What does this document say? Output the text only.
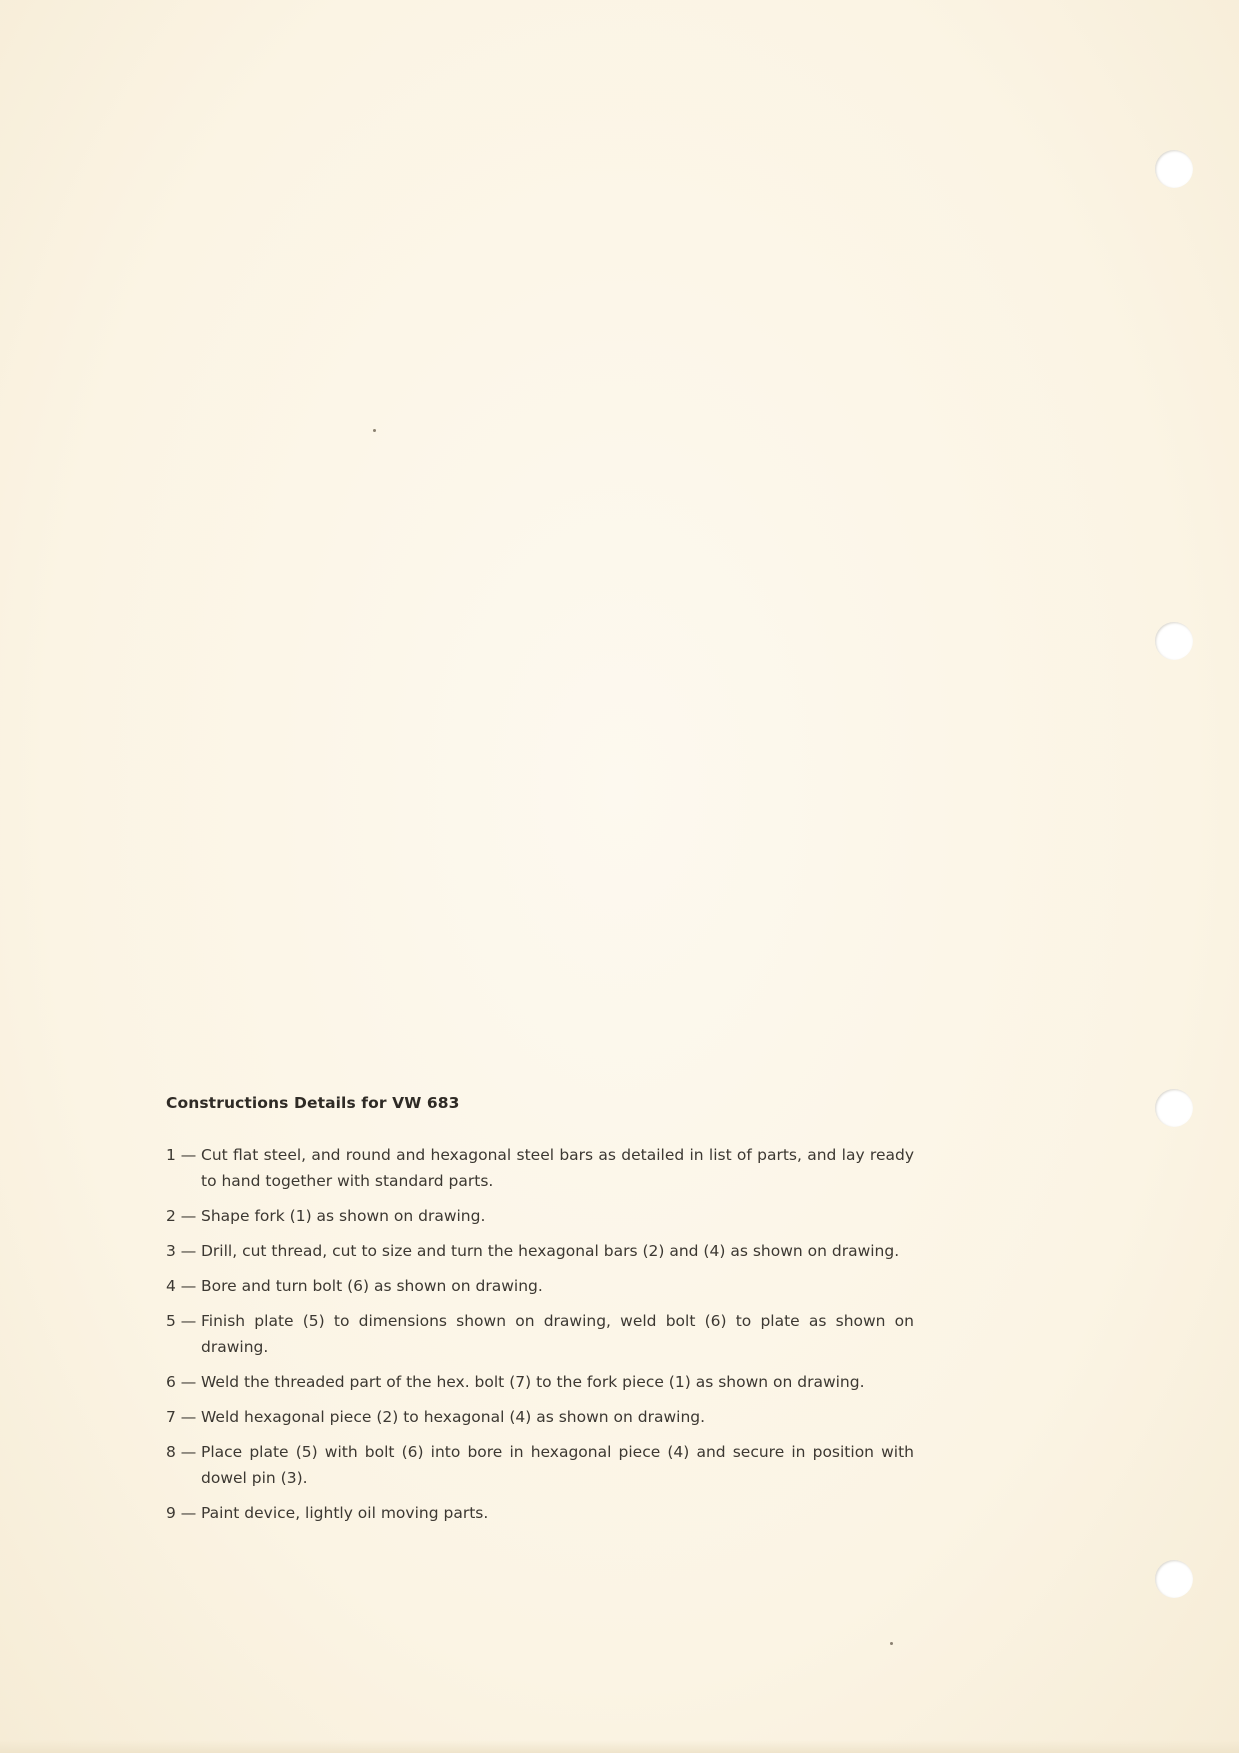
Constructions Details for VW 683
1 — Cut flat steel, and round and hexagonal steel bars as detailed in list of parts, and lay ready to hand together with standard parts.
2 — Shape fork (1) as shown on drawing.
3 — Drill, cut thread, cut to size and turn the hexagonal bars (2) and (4) as shown on drawing.
4 — Bore and turn bolt (6) as shown on drawing.
5 — Finish plate (5) to dimensions shown on drawing, weld bolt (6) to plate as shown on drawing.
6 — Weld the threaded part of the hex. bolt (7) to the fork piece (1) as shown on drawing.
7 — Weld hexagonal piece (2) to hexagonal (4) as shown on drawing.
8 — Place plate (5) with bolt (6) into bore in hexagonal piece (4) and secure in position with dowel pin (3).
9 — Paint device, lightly oil moving parts.
